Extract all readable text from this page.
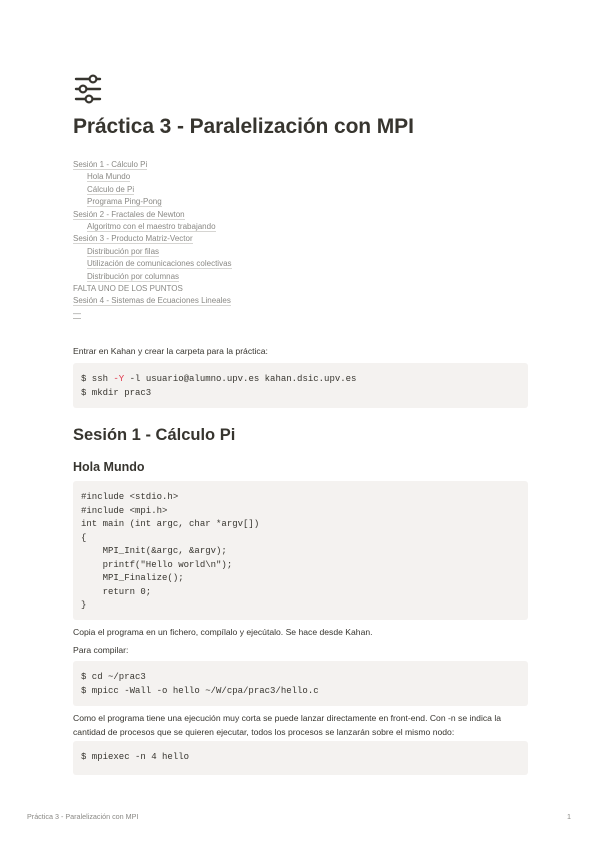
Práctica 3 - Paralelización con MPI
Sesión 1 - Cálculo Pi
Hola Mundo
Cálculo de Pi
Programa Ping-Pong
Sesión 2 - Fractales de Newton
Algoritmo con el maestro trabajando
Sesión 3 - Producto Matriz-Vector
Distribución por filas
Utilización de comunicaciones colectivas
Distribución por columnas
FALTA UNO DE LOS PUNTOS
Sesión 4 - Sistemas de Ecuaciones Lineales
—

Entrar en Kahan y crear la carpeta para la práctica:

$ ssh -Y -l usuario@alumno.upv.es kahan.dsic.upv.es
$ mkdir prac3
Sesión 1 - Cálculo Pi
Hola Mundo
#include <stdio.h>
#include <mpi.h>
int main (int argc, char *argv[])
{
MPI_Init(&argc, &argv);
printf("Hello world\n");
MPI_Finalize();
return 0;
}

Copia el programa en un fichero, compílalo y ejecútalo. Se hace desde Kahan.

Para compilar:

$ cd ~/prac3
$ mpicc -Wall -o hello ~/W/cpa/prac3/hello.c

Como el programa tiene una ejecución muy corta se puede lanzar directamente en front-end. Con -n se indica la cantidad de procesos que se quieren ejecutar, todos los procesos se lanzarán sobre el mismo nodo:

$ mpiexec -n 4 hello
Práctica 3 - Paralelización con MPI	1
